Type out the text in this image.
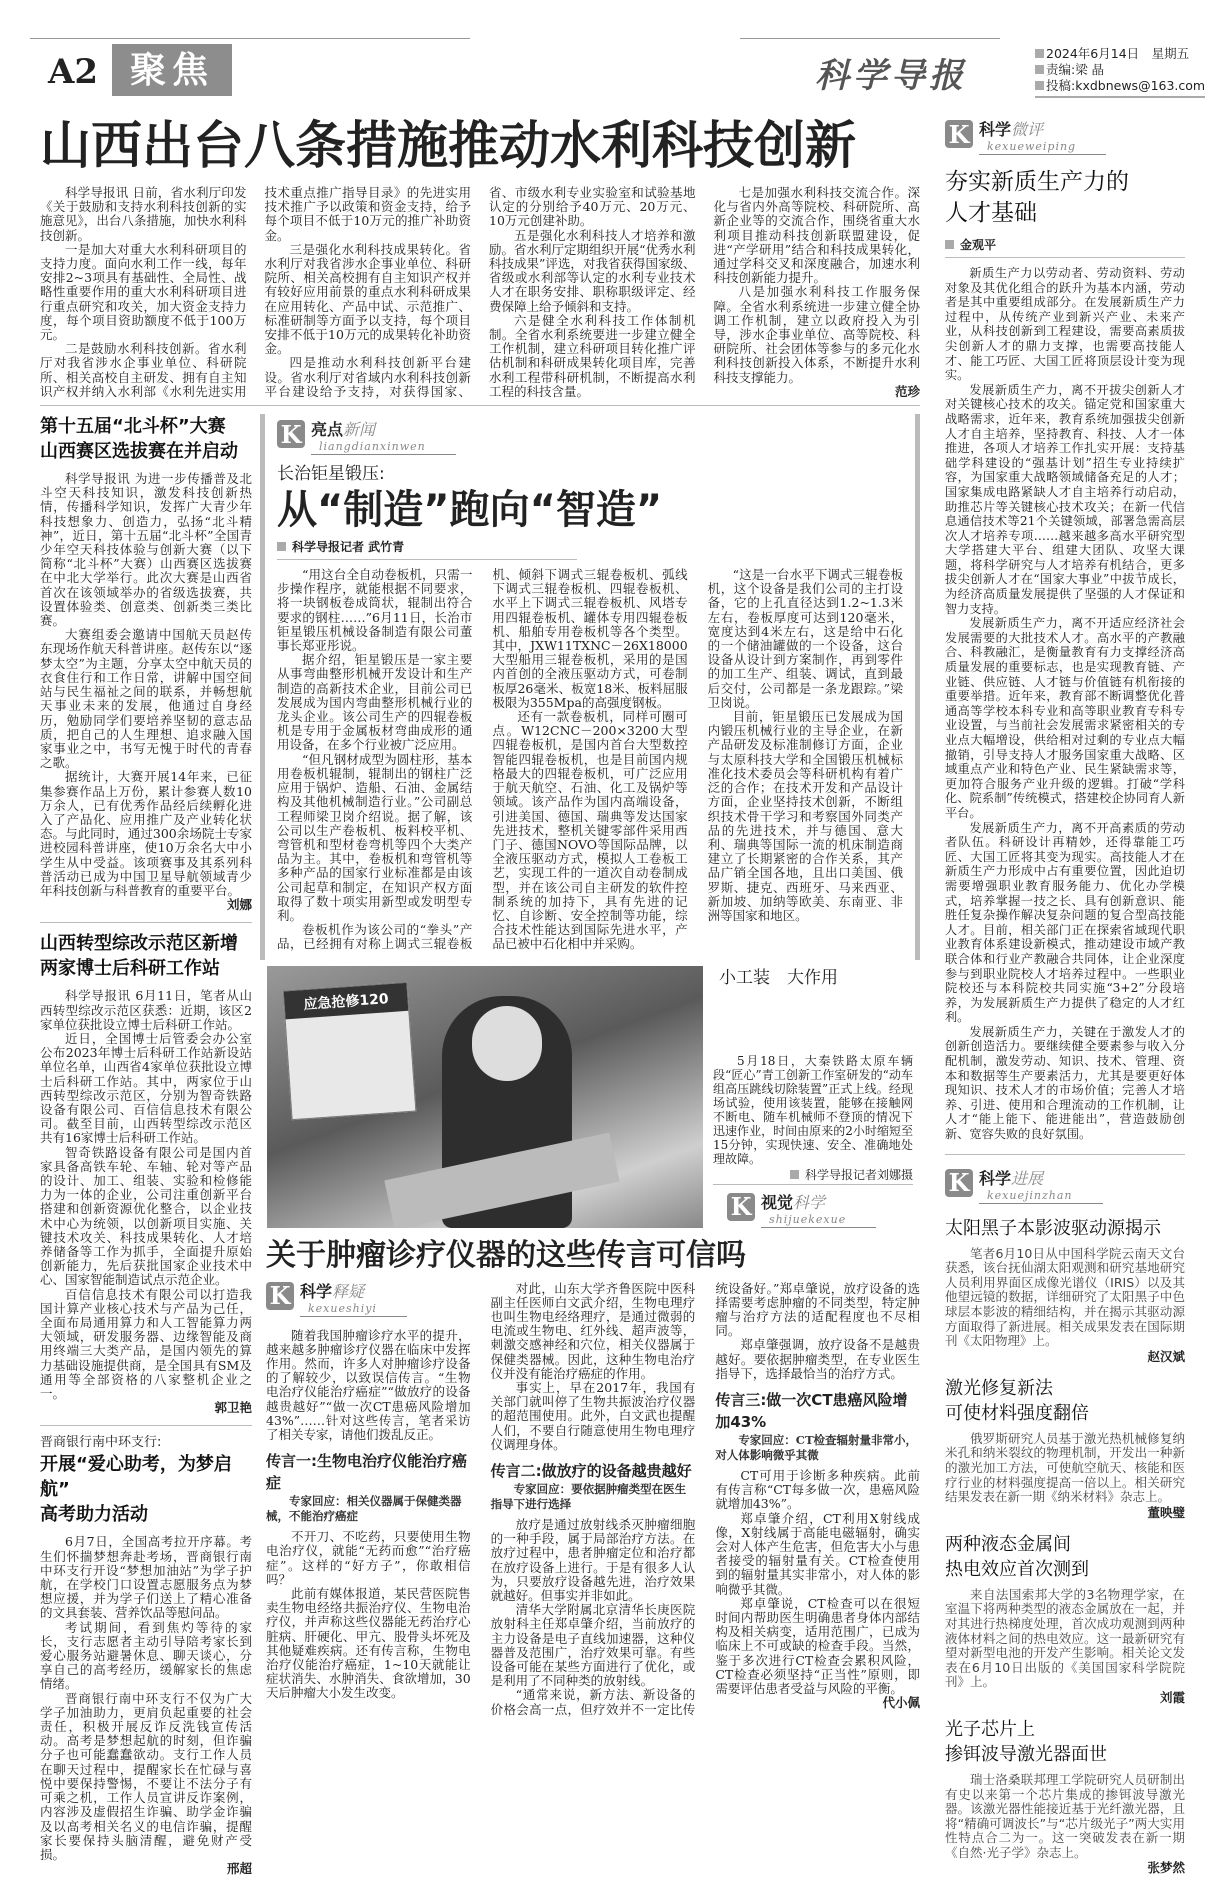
A2 聚焦	科学导报
2024年6月14日　星期五
责编:梁 晶
投稿:kxdbnews@163.com
山西出台八条措施推动水利科技创新

科学导报讯 日前，省水利厅印发《关于鼓励和支持水利科技创新的实施意见》，出台八条措施，加快水利科技创新。

一是加大对重大水利科研项目的支持力度。面向水利工作一线，每年安排2~3项具有基础性、全局性、战略性重要作用的重大水利科研项目进行重点研究和攻关，加大资金支持力度，每个项目资助额度不低于100万元。

二是鼓励水利科技创新。省水利厅对我省涉水企事业单位、科研院所、相关高校自主研发、拥有自主知识产权并纳入水利部《水利先进实用技术重点推广指导目录》的先进实用技术推广予以政策和资金支持，给予每个项目不低于10万元的推广补助资金。

三是强化水利科技成果转化。省水利厅对我省涉水企事业单位、科研院所、相关高校拥有自主知识产权并有较好应用前景的重点水利科研成果在应用转化、产品中试、示范推广、标准研制等方面予以支持，每个项目安排不低于10万元的成果转化补助资金。

四是推动水利科技创新平台建设。省水利厅对省域内水利科技创新平台建设给予支持，对获得国家、省、市级水利专业实验室和试验基地认定的分别给予40万元、20万元、10万元创建补助。

五是强化水利科技人才培养和激励。省水利厅定期组织开展“优秀水利科技成果”评选，对我省获得国家级、省级或水利部等认定的水利专业技术人才在职务安排、职称职级评定、经费保障上给予倾斜和支持。

六是健全水利科技工作体制机制。全省水利系统要进一步建立健全工作机制，建立科研项目转化推广评估机制和科研成果转化项目库，完善水利工程带科研机制，不断提高水利工程的科技含量。

七是加强水利科技交流合作。深化与省内外高等院校、科研院所、高新企业等的交流合作，围绕省重大水利项目推动科技创新联盟建设，促进“产学研用”结合和科技成果转化，通过学科交叉和深度融合，加速水利科技创新能力提升。

八是加强水利科技工作服务保障。全省水利系统进一步建立健全协调工作机制，建立以政府投入为引导，涉水企事业单位、高等院校、科研院所、社会团体等参与的多元化水利科技创新投入体系，不断提升水利科技支撑能力。

范珍
第十五届“北斗杯”大赛
山西赛区选拔赛在并启动

科学导报讯 为进一步传播普及北斗空天科技知识，激发科技创新热情，传播科学知识，发挥广大青少年科技想象力、创造力，弘扬“北斗精神”，近日，第十五届“北斗杯”全国青少年空天科技体验与创新大赛（以下简称“北斗杯”大赛）山西赛区选拔赛在中北大学举行。此次大赛是山西省首次在该领域举办的省级选拔赛，共设置体验类、创意类、创新类三类比赛。

大赛组委会邀请中国航天员赵传东现场作航天科普讲座。赵传东以“逐梦太空”为主题，分享太空中航天员的衣食住行和工作日常，讲解中国空间站与民生福祉之间的联系，并畅想航天事业未来的发展，他通过自身经历，勉励同学们要培养坚韧的意志品质，把自己的人生理想、追求融入国家事业之中，书写无愧于时代的青春之歌。

据统计，大赛开展14年来，已征集参赛作品上万份，累计参赛人数10万余人，已有优秀作品经后续孵化进入了产品化、应用推广及产业转化状态。与此同时，通过300余场院士专家进校园科普讲座，使10万余名大中小学生从中受益。该项赛事及其系列科普活动已成为中国卫星导航领域青少年科技创新与科普教育的重要平台。

刘娜
山西转型综改示范区新增
两家博士后科研工作站

科学导报讯 6月11日，笔者从山西转型综改示范区获悉：近期，该区2家单位获批设立博士后科研工作站。

近日，全国博士后管委会办公室公布2023年博士后科研工作站新设站单位名单，山西省4家单位获批设立博士后科研工作站。其中，两家位于山西转型综改示范区，分别为智奇铁路设备有限公司、百信信息技术有限公司。截至目前，山西转型综改示范区共有16家博士后科研工作站。

智奇铁路设备有限公司是国内首家具备高铁车轮、车轴、轮对等产品的设计、加工、组装、实验和检修能力为一体的企业，公司注重创新平台搭建和创新资源优化整合，以企业技术中心为统领，以创新项目实施、关键技术攻关、科技成果转化、人才培养储备等工作为抓手，全面提升原始创新能力，先后获批国家企业技术中心、国家智能制造试点示范企业。

百信信息技术有限公司以打造我国计算产业核心技术与产品为己任，全面布局通用算力和人工智能算力两大领域，研发服务器、边缘智能及商用终端三大类产品，是国内领先的算力基础设施提供商，是全国具有SM及通用等全部资格的八家整机企业之一。

郭卫艳
晋商银行南中环支行:
开展“爱心助考，为梦启航”
高考助力活动

6月7日，全国高考拉开序幕。考生们怀揣梦想奔赴考场，晋商银行南中环支行开设“梦想加油站”为学子护航，在学校门口设置志愿服务点为梦想应援，并为学子们送上了精心准备的文具套装、营养饮品等慰问品。

考试期间，看到焦灼等待的家长，支行志愿者主动引导陪考家长到爱心服务站避暑休息、聊天谈心，分享自己的高考经历，缓解家长的焦虑情绪。

晋商银行南中环支行不仅为广大学子加油助力，更肩负起重要的社会责任，积极开展反诈反洗钱宣传活动。高考是梦想起航的时刻，但诈骗分子也可能蠢蠢欲动。支行工作人员在聊天过程中，提醒家长在忙碌与喜悦中要保持警惕，不要让不法分子有可乘之机，工作人员宣讲反诈案例，内容涉及虚假招生诈骗、助学金诈骗及以高考相关名义的电信诈骗，提醒家长要保持头脑清醒，避免财产受损。

邢超
K 亮点新闻
liangdianxinwen
长治钜星锻压:
从“制造”跑向“智造”
科学导报记者 武竹青

“用这台全自动卷板机，只需一步操作程序，就能根据不同要求，将一块钢板卷成筒状，辊制出符合要求的钢柱……”6月11日，长治市钜星锻压机械设备制造有限公司董事长郑亚彤说。

据介绍，钜星锻压是一家主要从事弯曲整形机械开发设计和生产制造的高新技术企业，目前公司已发展成为国内弯曲整形机械行业的龙头企业。该公司生产的四辊卷板机是专用于金属板材弯曲成形的通用设备，在多个行业被广泛应用。

“但凡钢材成型为圆柱形，基本用卷板机辊制，辊制出的钢柱广泛应用于锅炉、造船、石油、金属结构及其他机械制造行业。”公司副总工程师梁卫岗介绍说。据了解，该公司以生产卷板机、板料校平机、弯管机和型材卷弯机等四个大类产品为主。其中，卷板机和弯管机等多种产品的国家行业标准都是由该公司起草和制定，在知识产权方面取得了数十项实用新型或发明型专利。

卷板机作为该公司的“拳头”产品，已经拥有对称上调式三辊卷板机、倾斜下调式三辊卷板机、弧线下调式三辊卷板机、四辊卷板机、水平上下调式三辊卷板机、风塔专用四辊卷板机、罐体专用四辊卷板机、船舶专用卷板机等各个类型。其中，JXW11TXNC－26X18000大型船用三辊卷板机，采用的是国内首创的全液压驱动方式，可卷制板厚26毫米、板宽18米、板料屈服极限为355Mpa的高强度钢板。

还有一款卷板机，同样可圈可点。W12CNC－200×3200大型四辊卷板机，是国内首台大型数控智能四辊卷板机，也是目前国内规格最大的四辊卷板机，可广泛应用于航天航空、石油、化工及锅炉等领域。该产品作为国内高端设备，引进美国、德国、瑞典等发达国家先进技术，整机关键零部件采用西门子、德国NOVO等国际品牌，以全液压驱动方式，模拟人工卷板工艺，实现工件的一道次自动卷制成型，并在该公司自主研发的软件控制系统的加持下，具有先进的记忆、自诊断、安全控制等功能，综合技术性能达到国际先进水平，产品已被中石化相中并采购。

“这是一台水平下调式三辊卷板机，这个设备是我们公司的主打设备，它的上孔直径达到1.2~1.3米左右，卷板厚度可达到120毫米，宽度达到4米左右，这是给中石化的一个储油罐做的一个设备，这台设备从设计到方案制作，再到零件的加工生产、组装、调试，直到最后交付，公司都是一条龙跟踪。”梁卫岗说。

目前，钜星锻压已发展成为国内锻压机械行业的主导企业，在新产品研发及标准制修订方面，企业与太原科技大学和全国锻压机械标准化技术委员会等科研机构有着广泛的合作；在技术开发和产品设计方面，企业坚持技术创新，不断组织技术骨干学习和考察国外同类产品的先进技术，并与德国、意大利、瑞典等国际一流的机床制造商建立了长期紧密的合作关系，其产品广销全国各地，且出口美国、俄罗斯、捷克、西班牙、马来西亚、新加坡、加纳等欧美、东南亚、非洲等国家和地区。

应急抢修120
小工装　大作用

5月18日，大秦铁路太原车辆段“匠心”青工创新工作室研发的“动车组高压跳线切除装置”正式上线。经现场试验，使用该装置，能够在接触网不断电、随车机械师不登顶的情况下迅速作业，时间由原来的2小时缩短至15分钟，实现快速、安全、准确地处理故障。

科学导报记者刘娜摄
K 视觉科学
shijuekexue
关于肿瘤诊疗仪器的这些传言可信吗
K 科学释疑
kexueshiyi

随着我国肿瘤诊疗水平的提升，越来越多肿瘤诊疗仪器在临床中发挥作用。然而，许多人对肿瘤诊疗设备的了解较少，以致误信传言。“生物电治疗仪能治疗癌症”“做放疗的设备越贵越好”“做一次CT患癌风险增加43%”……针对这些传言，笔者采访了相关专家，请他们拨乱反正。

传言一:生物电治疗仪能治疗癌症
专家回应：相关仪器属于保健类器械，不能治疗癌症

不开刀、不吃药，只要使用生物电治疗仪，就能“无药而愈”“治疗癌症”。这样的“好方子”，你敢相信吗？

此前有媒体报道，某民营医院售卖生物电经络共振治疗仪、生物电治疗仪，并声称这些仪器能无药治疗心脏病、肝硬化、甲亢、股骨头坏死及其他疑难疾病。还有传言称，生物电治疗仪能治疗癌症，1~10天就能让症状消失、水肿消失、食欲增加，30天后肿瘤大小发生改变。

对此，山东大学齐鲁医院中医科副主任医师白文武介绍，生物电理疗也叫生物电经络理疗，是通过微弱的电流或生物电、红外线、超声波等，刺激交感神经和穴位，相关仪器属于保健类器械。因此，这种生物电治疗仪并没有能治疗癌症的作用。

事实上，早在2017年，我国有关部门就叫停了生物共振波治疗仪器的超范围使用。此外，白文武也提醒人们，不要自行随意使用生物电理疗仪调理身体。

传言二:做放疗的设备越贵越好
专家回应：要依据肿瘤类型在医生指导下进行选择

放疗是通过放射线杀灭肿瘤细胞的一种手段，属于局部治疗方法。在放疗过程中，患者肿瘤定位和治疗都在放疗设备上进行。于是有很多人认为，只要放疗设备越先进，治疗效果就越好。但事实并非如此。

清华大学附属北京清华长庚医院放射科主任郑卓肇介绍，当前放疗的主力设备是电子直线加速器，这种仪器普及范围广，治疗效果可靠。有些设备可能在某些方面进行了优化，或是利用了不同种类的放射线。

“通常来说，新方法、新设备的价格会高一点，但疗效并不一定比传统设备好。”郑卓肇说，放疗设备的选择需要考虑肿瘤的不同类型，特定肿瘤与治疗方法的适配程度也不尽相同。

郑卓肇强调，放疗设备不是越贵越好。要依据肿瘤类型，在专业医生指导下，选择最恰当的治疗方式。

传言三:做一次CT患癌风险增加43%
专家回应：CT检查辐射量非常小，对人体影响微乎其微

CT可用于诊断多种疾病。此前有传言称“CT每多做一次，患癌风险就增加43%”。

郑卓肇介绍，CT利用X射线成像，X射线属于高能电磁辐射，确实会对人体产生危害，但危害大小与患者接受的辐射量有关。CT检查使用到的辐射量其实非常小，对人体的影响微乎其微。

郑卓肇说，CT检查可以在很短时间内帮助医生明确患者身体内部结构及相关病变，适用范围广，已成为临床上不可或缺的检查手段。当然，鉴于多次进行CT检查会累积风险，CT检查必须坚持“正当性”原则，即需要评估患者受益与风险的平衡。

代小佩
K 科学微评
kexueweiping
夯实新质生产力的
人才基础
金观平

新质生产力以劳动者、劳动资料、劳动对象及其优化组合的跃升为基本内涵，劳动者是其中重要组成部分。在发展新质生产力过程中，从传统产业到新兴产业、未来产业，从科技创新到工程建设，需要高素质拔尖创新人才的鼎力支撑，也需要高技能人才、能工巧匠、大国工匠将顶层设计变为现实。

发展新质生产力，离不开拔尖创新人才对关键核心技术的攻关。锚定党和国家重大战略需求，近年来，教育系统加强拔尖创新人才自主培养，坚持教育、科技、人才一体推进，各项人才培养工作扎实开展：支持基础学科建设的“强基计划”招生专业持续扩容，为国家重大战略领域储备充足的人才；国家集成电路紧缺人才自主培养行动启动，助推芯片等关键核心技术攻关；在新一代信息通信技术等21个关键领域，部署急需高层次人才培养专项……越来越多高水平研究型大学搭建大平台、组建大团队、攻坚大课题，将科学研究与人才培养有机结合，更多拔尖创新人才在“国家大事业”中拔节成长，为经济高质量发展提供了坚强的人才保证和智力支持。

发展新质生产力，离不开适应经济社会发展需要的大批技术人才。高水平的产教融合、科教融汇，是衡量教育有力支撑经济高质量发展的重要标志，也是实现教育链、产业链、供应链、人才链与价值链有机衔接的重要举措。近年来，教育部不断调整优化普通高等学校本科专业和高等职业教育专科专业设置，与当前社会发展需求紧密相关的专业点大幅增设，供给相对过剩的专业点大幅撤销，引导支持人才服务国家重大战略、区域重点产业和特色产业、民生紧缺需求等，更加符合服务产业升级的逻辑。打破“学科化、院系制”传统模式，搭建校企协同育人新平台。

发展新质生产力，离不开高素质的劳动者队伍。科研设计再精妙，还得靠能工巧匠、大国工匠将其变为现实。高技能人才在新质生产力形成中占有重要位置，因此迫切需要增强职业教育服务能力、优化办学模式，培养掌握一技之长、具有创新意识、能胜任复杂操作解决复杂问题的复合型高技能人才。目前，相关部门正在探索省域现代职业教育体系建设新模式，推动建设市域产教联合体和行业产教融合共同体，让企业深度参与到职业院校人才培养过程中。一些职业院校还与本科院校共同实施“3+2”分段培养，为发展新质生产力提供了稳定的人才红利。

发展新质生产力，关键在于激发人才的创新创造活力。要继续健全要素参与收入分配机制，激发劳动、知识、技术、管理、资本和数据等生产要素活力，尤其是要更好体现知识、技术人才的市场价值；完善人才培养、引进、使用和合理流动的工作机制，让人才“能上能下、能进能出”，营造鼓励创新、宽容失败的良好氛围。

K 科学进展
kexuejinzhan
太阳黑子本影波驱动源揭示

笔者6月10日从中国科学院云南天文台获悉，该台抚仙湖太阳观测和研究基地研究人员利用界面区成像光谱仪（IRIS）以及其他望远镜的数据，详细研究了太阳黑子中色球层本影波的精细结构，并在揭示其驱动源方面取得了新进展。相关成果发表在国际期刊《太阳物理》上。

赵汉斌
激光修复新法
可使材料强度翻倍

俄罗斯研究人员基于激光热机械修复纳米孔和纳米裂纹的物理机制，开发出一种新的激光加工方法，可使航空航天、核能和医疗行业的材料强度提高一倍以上。相关研究结果发表在新一期《纳米材料》杂志上。

董映璧
两种液态金属间
热电效应首次测到

来自法国索邦大学的3名物理学家，在室温下将两种类型的液态金属放在一起，并对其进行热梯度处理，首次成功观测到两种液体材料之间的热电效应。这一最新研究有望对新型电池的开发产生影响。相关论文发表在6月10日出版的《美国国家科学院院刊》上。

刘霞
光子芯片上
掺铒波导激光器面世

瑞士洛桑联邦理工学院研究人员研制出有史以来第一个芯片集成的掺铒波导激光器。该激光器性能接近基于光纤激光器，且将“精确可调波长”与“芯片级光子”两大实用性特点合二为一。这一突破发表在新一期《自然·光子学》杂志上。

张梦然
